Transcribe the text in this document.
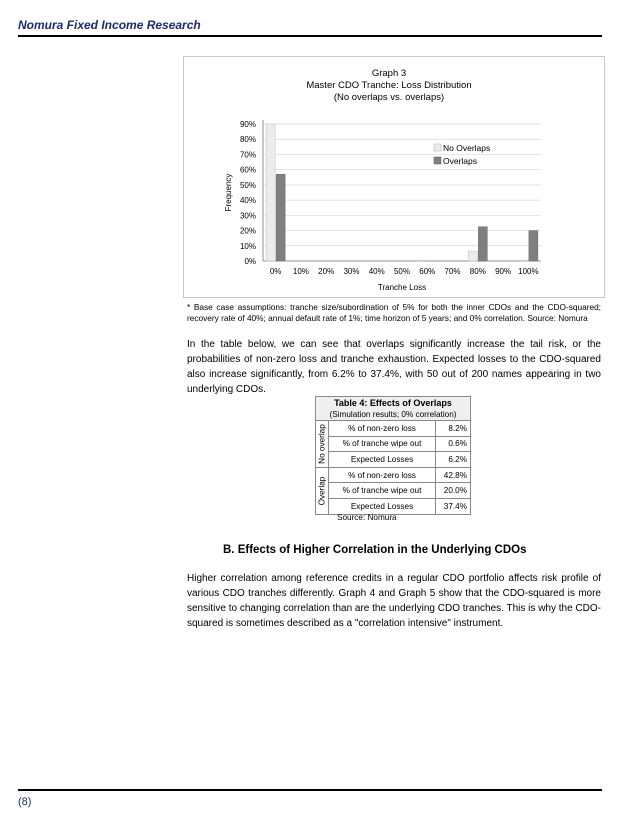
Nomura Fixed Income Research
Graph 3
Master CDO Tranche: Loss Distribution
(No overlaps vs. overlaps)
0%
10%
20%
30%
40%
50%
60%
70%
80%
90%
Frequency
0% 10% 20% 30% 40% 50% 60% 70% 80% 90% 100%
Tranche Loss
No Overlaps
Overlaps
* Base case assumptions: tranche size/subordination of 5% for both the inner CDOs and the CDO-squared; recovery rate of 40%; annual default rate of 1%; time horizon of 5 years; and 0% correlation. Source: Nomura
In the table below, we can see that overlaps significantly increase the tail risk, or the probabilities of non-zero loss and tranche exhaustion. Expected losses to the CDO-squared also increase significantly, from 6.2% to 37.4%, with 50 out of 200 names appearing in two underlying CDOs.
Table 4: Effects of Overlaps
(Simulation results; 0% correlation)
No overlap	% of non-zero loss	8.2%
	% of tranche wipe out	0.6%
	Expected Losses	6.2%

Overlap	% of non-zero loss	42.8%
	% of tranche wipe out	20.0%
	Expected Losses	37.4%
Source: Nomura
B. Effects of Higher Correlation in the Underlying CDOs
Higher correlation among reference credits in a regular CDO portfolio affects risk profile of various CDO tranches differently. Graph 4 and Graph 5 show that the CDO-squared is more sensitive to changing correlation than are the underlying CDO tranches. This is why the CDO-squared is sometimes described as a "correlation intensive" instrument.
(8)
